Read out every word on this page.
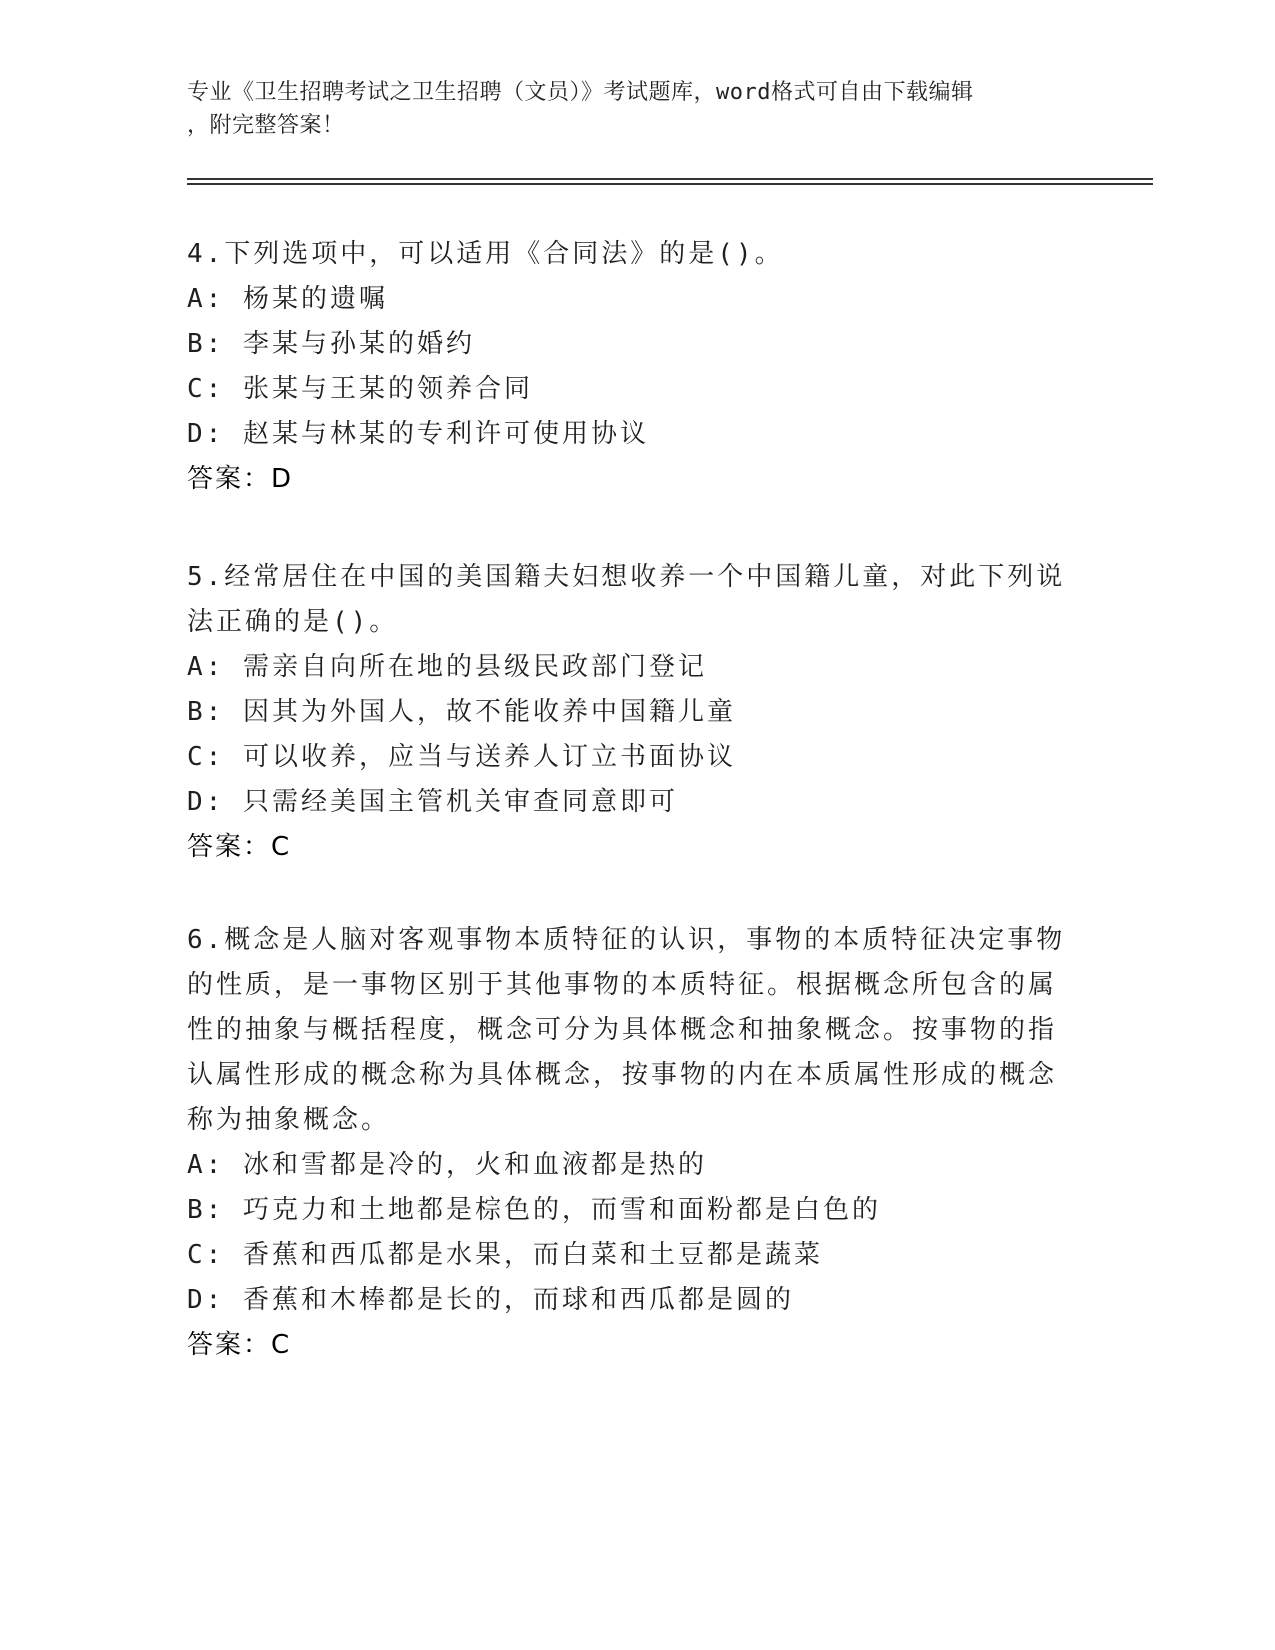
专业《卫生招聘考试之卫生招聘（文员）》考试题库，word格式可自由下载编辑
，附完整答案！
4.下列选项中，可以适用《合同法》的是()。
A: 杨某的遗嘱
B: 李某与孙某的婚约
C: 张某与王某的领养合同
D: 赵某与林某的专利许可使用协议
答案：D
5.经常居住在中国的美国籍夫妇想收养一个中国籍儿童，对此下列说
法正确的是()。
A: 需亲自向所在地的县级民政部门登记
B: 因其为外国人，故不能收养中国籍儿童
C: 可以收养，应当与送养人订立书面协议
D: 只需经美国主管机关审查同意即可
答案：C
6.概念是人脑对客观事物本质特征的认识，事物的本质特征决定事物
的性质，是一事物区别于其他事物的本质特征。根据概念所包含的属
性的抽象与概括程度，概念可分为具体概念和抽象概念。按事物的指
认属性形成的概念称为具体概念，按事物的内在本质属性形成的概念
称为抽象概念。
A: 冰和雪都是冷的，火和血液都是热的
B: 巧克力和土地都是棕色的，而雪和面粉都是白色的
C: 香蕉和西瓜都是水果，而白菜和土豆都是蔬菜
D: 香蕉和木棒都是长的，而球和西瓜都是圆的
答案：C
